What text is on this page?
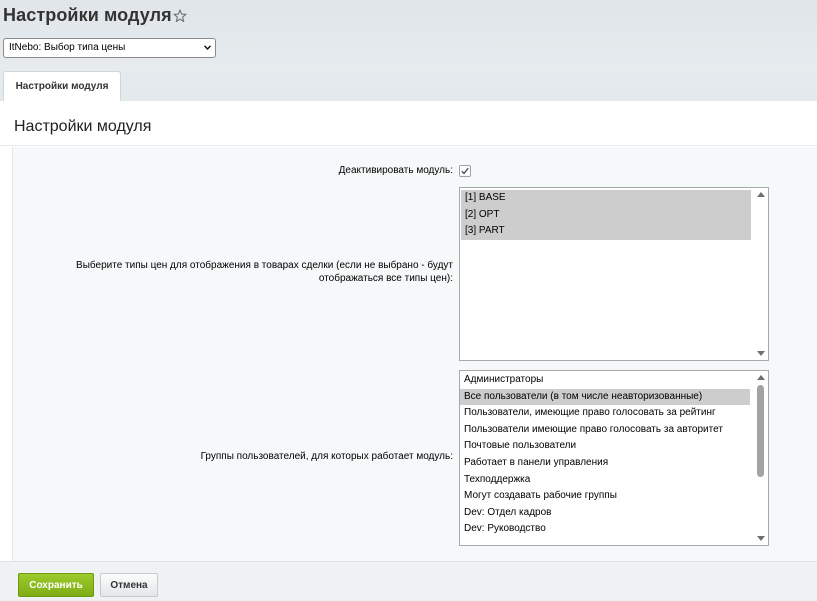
Настройки модуля
ItNebo: Выбор типа цены
Настройки модуля
Настройки модуля
Деактивировать модуль:
Выберите типы цен для отображения в товарах сделки (если не выбрано - будут отображаться все типы цен):
[1] BASE
[2] OPT
[3] PART
Группы пользователей, для которых работает модуль:
Администраторы
Все пользователи (в том числе неавторизованные)
Пользователи, имеющие право голосовать за рейтинг
Пользователи имеющие право голосовать за авторитет
Почтовые пользователи
Работает в панели управления
Техподдержка
Могут создавать рабочие группы
Dev: Отдел кадров
Dev: Руководство
Сохранить	Отмена
